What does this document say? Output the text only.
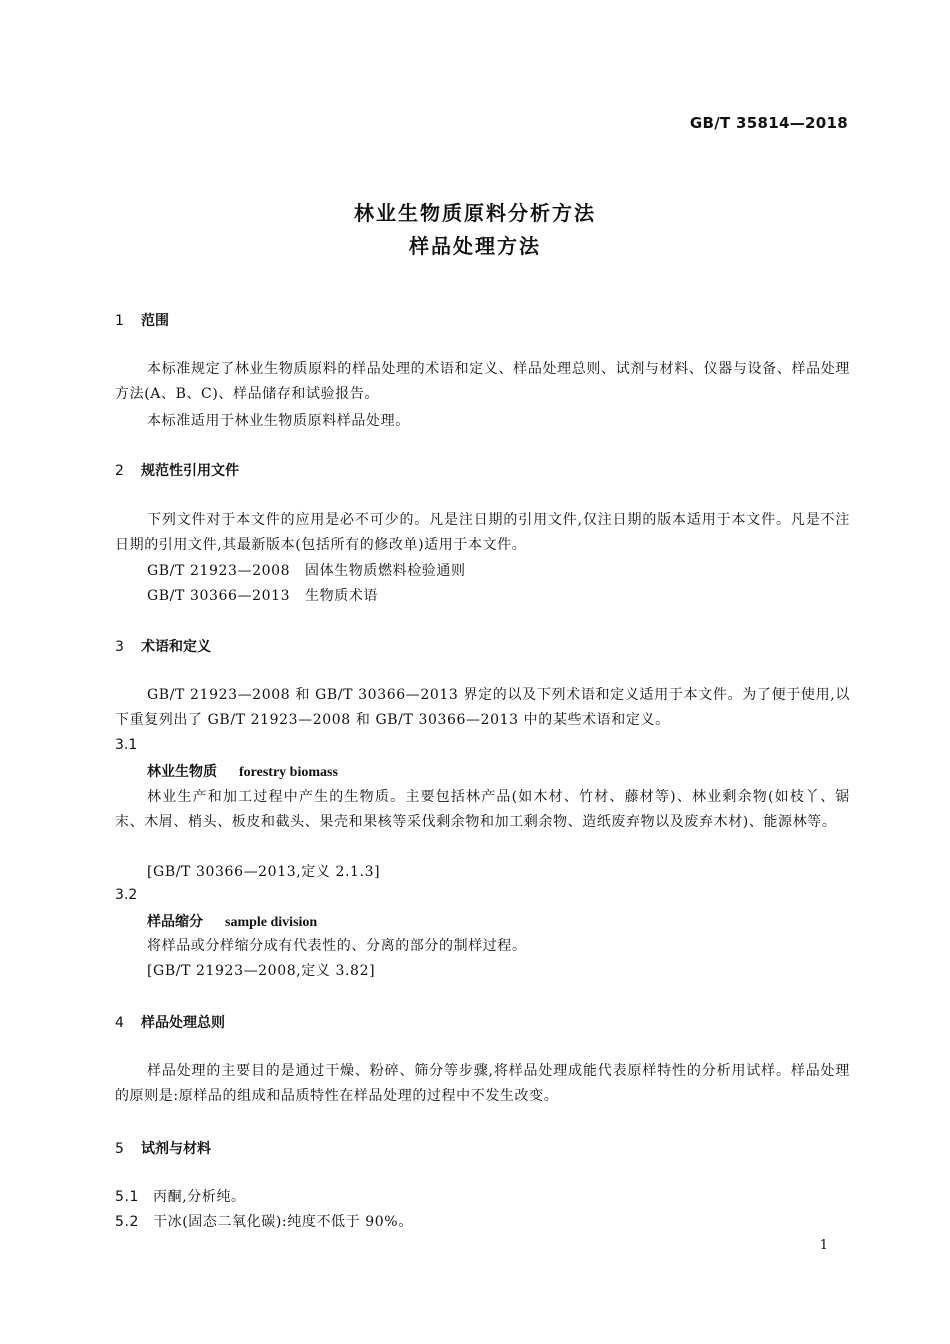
GB/T 35814—2018
林业生物质原料分析方法
样品处理方法
1 范围
本标准规定了林业生物质原料的样品处理的术语和定义、样品处理总则、试剂与材料、仪器与设备、样品处理方法(A、B、C)、样品储存和试验报告。
本标准适用于林业生物质原料样品处理。
2 规范性引用文件
下列文件对于本文件的应用是必不可少的。凡是注日期的引用文件,仅注日期的版本适用于本文件。凡是不注日期的引用文件,其最新版本(包括所有的修改单)适用于本文件。
GB/T 21923—2008 固体生物质燃料检验通则
GB/T 30366—2013 生物质术语
3 术语和定义
GB/T 21923—2008 和 GB/T 30366—2013 界定的以及下列术语和定义适用于本文件。为了便于使用,以下重复列出了 GB/T 21923—2008 和 GB/T 30366—2013 中的某些术语和定义。
3.1
林业生物质 forestry biomass
林业生产和加工过程中产生的生物质。主要包括林产品(如木材、竹材、藤材等)、林业剩余物(如枝丫、锯末、木屑、梢头、板皮和截头、果壳和果核等采伐剩余物和加工剩余物、造纸废弃物以及废弃木材)、能源林等。
[GB/T 30366—2013,定义 2.1.3]
3.2
样品缩分 sample division
将样品或分样缩分成有代表性的、分离的部分的制样过程。
[GB/T 21923—2008,定义 3.82]
4 样品处理总则
样品处理的主要目的是通过干燥、粉碎、筛分等步骤,将样品处理成能代表原样特性的分析用试样。样品处理的原则是:原样品的组成和品质特性在样品处理的过程中不发生改变。
5 试剂与材料
5.1 丙酮,分析纯。
5.2 干冰(固态二氧化碳):纯度不低于 90%。
1
